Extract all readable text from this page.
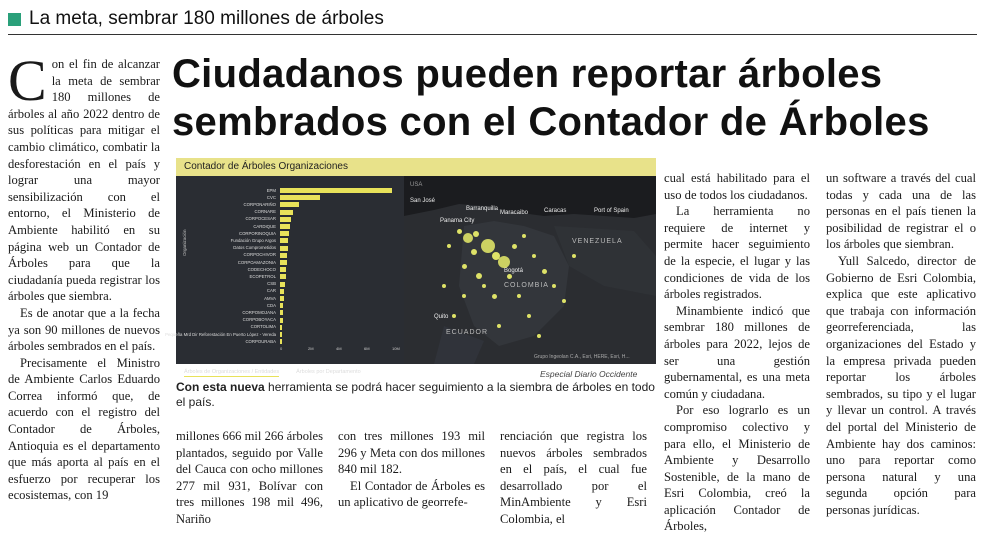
La meta, sembrar 180 millones de árboles
Ciudadanos pueden reportar árboles
sembrados con el Contador de Árboles
C on el fin de alcanzar la meta de sembrar 180 millones de árboles al año 2022 dentro de sus políticas para mitigar el cambio climático, combatir la desforestación en el país y lograr una mayor sensibilización con el entorno, el Ministerio de Ambiente habilitó en su página web un Contador de Árboles para que la ciudadanía pueda registrar los árboles que siembra.

Es de anotar que a la fecha ya son 90 millones de nuevos árboles sembrados en el país.

Precisamente el Ministro de Ambiente Carlos Eduardo Correa informó que, de acuerdo con el registro del Contador de Árboles, Antioquia es el departamento que más aporta al país en el esfuerzo por recuperar los ecosistemas, con 19

millones 666 mil 266 árboles plantados, seguido por Valle del Cauca con ocho millones 277 mil 931, Bolívar con tres millones 198 mil 496, Nariño

con tres millones 193 mil 296 y Meta con dos millones 840 mil 182.

El Contador de Árboles es un aplicativo de georrefe-

renciación que registra los nuevos árboles sembrados en el país, el cual fue desarrollado por el MinAmbiente y Esri Colombia, el

cual está habilitado para el uso de todos los ciudadanos.

La herramienta no requiere de internet y permite hacer seguimiento de la especie, el lugar y las condiciones de vida de los árboles registrados.

Minambiente indicó que sembrar 180 millones de árboles para 2022, lejos de ser una gestión gubernamental, es una meta común y ciudadana.

Por eso lograrlo es un compromiso colectivo y para ello, el Ministerio de Ambiente y Desarrollo Sostenible, de la mano de Esri Colombia, creó la aplicación Contador de Árboles,

un software a través del cual todas y cada una de las personas en el país tienen la posibilidad de registrar el o los árboles que siembran.

Yull Salcedo, director de Gobierno de Esri Colombia, explica que este aplicativo que trabaja con información georreferenciada, las organizaciones del Estado y la empresa privada pueden reportar los árboles sembrados, su tipo y el lugar y llevar un control. A través del portal del Ministerio de Ambiente hay dos caminos: uno para reportar como persona natural y una segunda opción para personas jurídicas.

Contador de Árboles Organizaciones
Organización
Árboles de Organizaciones / Entidades	Árboles por Departamento
EPM
CVC
CORPONARIÑO
CORNARE
CORPOCESAR
CARDIQUE
CORPORINOQUIA
Fundación Grupo Argos
Datos Comprometidos
CORPOCHIVOR
CORPOAMAZONIA
CODECHOCO
ECOPETROL
CSB
CAR
AMVA
CDA
CORPOMOJANA
CORPOBOYACA
CORTOLIMA
Pequeña Mrd Dir Reforestación En Puerto López - Vereda
CORPOURABA
0	2M	4M	6M	10M
San José
USA
Panama City
Barranquilla
Maracaibo	Caracas	Port of Spain
VENEZUELA
Bogotá
COLOMBIA
Quito
ECUADOR
Grupo Ingeolan C.A., Esri, HERE, Esri, H...
Especial Diario Occidente
Con esta nueva herramienta se podrá hacer seguimiento a la siembra de árboles en todo el país.
